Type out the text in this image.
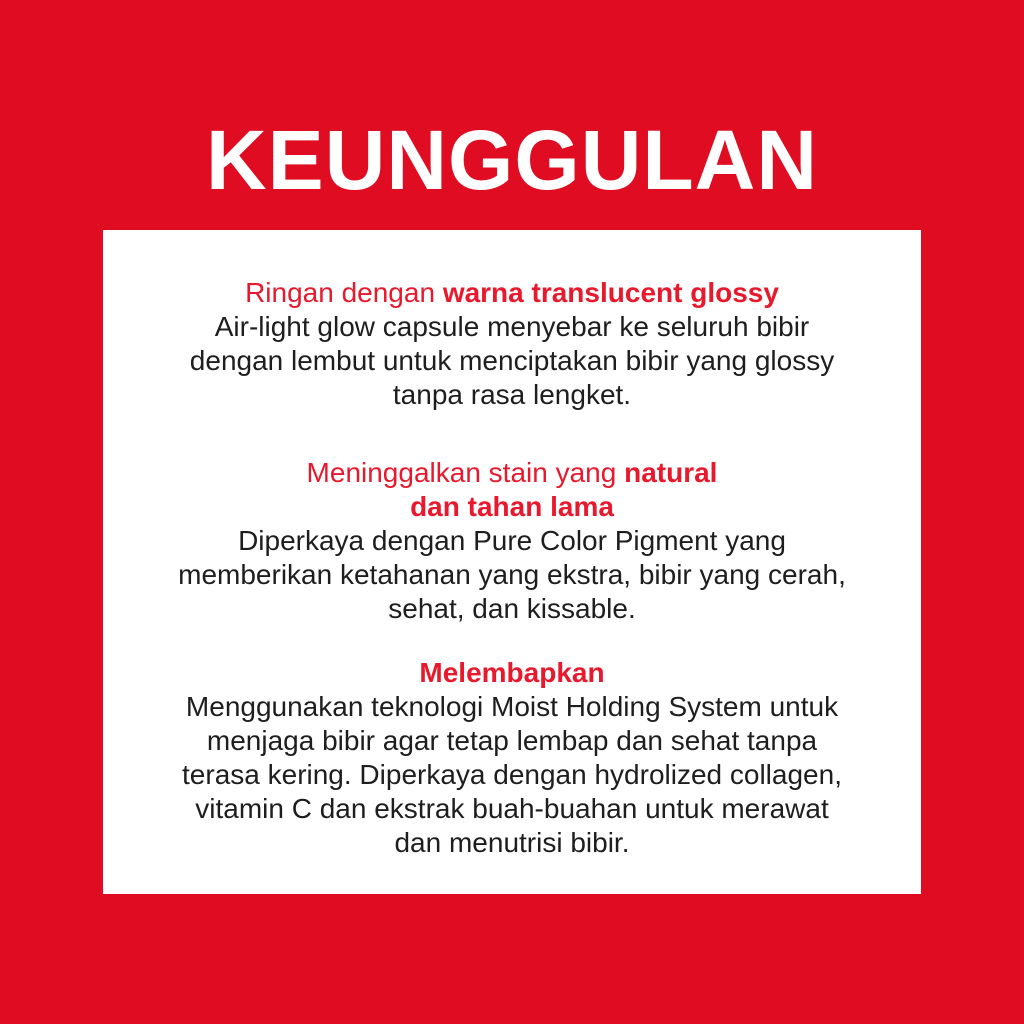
KEUNGGULAN
Ringan dengan warna translucent glossy
Air-light glow capsule menyebar ke seluruh bibir
dengan lembut untuk menciptakan bibir yang glossy
tanpa rasa lengket.
Meninggalkan stain yang natural
dan tahan lama
Diperkaya dengan Pure Color Pigment yang
memberikan ketahanan yang ekstra, bibir yang cerah,
sehat, dan kissable.
Melembapkan
Menggunakan teknologi Moist Holding System untuk
menjaga bibir agar tetap lembap dan sehat tanpa
terasa kering. Diperkaya dengan hydrolized collagen,
vitamin C dan ekstrak buah-buahan untuk merawat
dan menutrisi bibir.
